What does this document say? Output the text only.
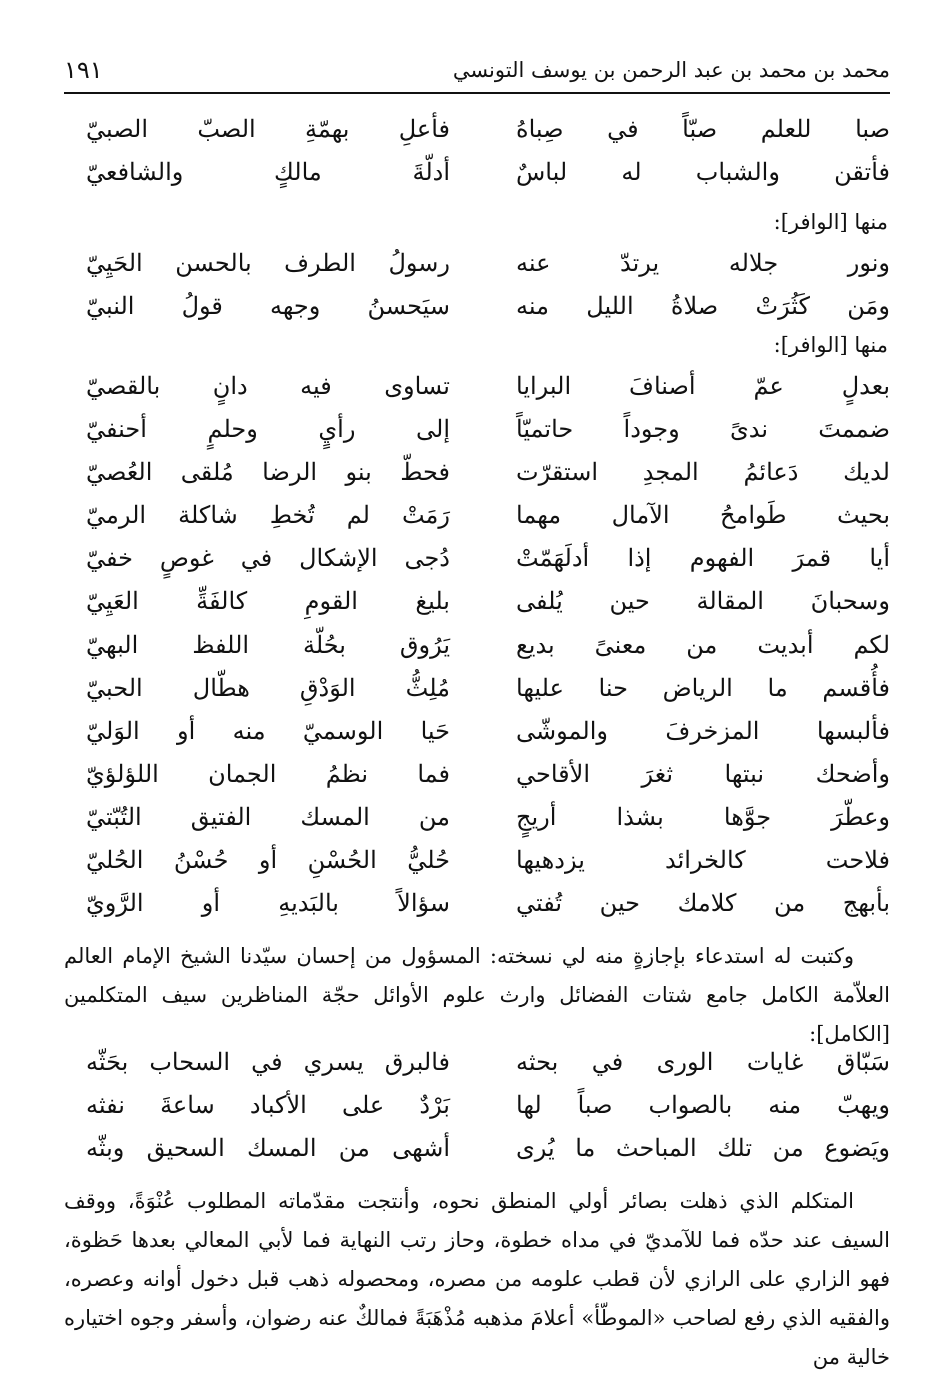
١٩١	محمد بن محمد بن عبد الرحمن بن يوسف التونسي
صبا للعلم صبّاً في صِباهُ
فأعلِ بهمّةِ الصبّ الصبيّ
فأتقن والشباب له لباسٌ
أدلّةَ مالكٍ والشافعيّ
منها [الوافر]:
ونور جلاله يرتدّ عنه
رسولُ الطرف بالحسن الحَيِيّ
ومَن كَثُرَتْ صلاةُ الليل منه
سيَحسنُ وجهه قولُ النبيّ
منها [الوافر]:
بعدلٍ عمّ أصنافَ البرايا
تساوى فيه دانٍ بالقصيّ
ضممتَ ندىً وجوداً حاتميّاً
إلى رأيٍ وحلمٍ أحنفيّ
لديك دَعائمُ المجدِ استقرّت
فحطّ بنو الرضا مُلقى العُصيّ
بحيث طَوامحُ الآمال مهما
رَمَتْ لم تُخطِ شاكلة الرميّ
أيا قمرَ الفهوم إذا أدلَهَمّتْ
دُجى الإشكال في غوصٍ خفيّ
وسحبانَ المقالة حين يُلفى
بليغ القومِ كالفَةِّ العَيِيّ
لكم أبديت من معنىً بديع
يَرُوق بحُلّة اللفظ البهيّ
فأُقسم ما الرياض حنا عليها
مُلِثُّ الوَدْقِ هطّال الحبيّ
فألبسها المزخرفَ والموشّى
حَيا الوسميّ منه أو الوَليّ
وأضحك نبتها ثغرَ الأقاحي
فما نظمُ الجمان اللؤلؤيّ
وعطّرَ جوَّها بشذا أريجٍ
من المسك الفتيق التُبّتيّ
فلاحت كالخرائد يزدهيها
حُليُّ الحُسْنِ أو حُسْنُ الحُليّ
بأبهج من كلامك حين تُفتي
سؤالاً بالبَديهِ أو الرَّويّ

وكتبت له استدعاء بإجازةٍ منه لي نسخته: المسؤول من إحسان سيّدنا الشيخ الإمام العالم العلاّمة الكامل جامع شتات الفضائل وارث علوم الأوائل حجّة المناظرين سيف المتكلمين [الكامل]:

سَبّاق غايات الورى في بحثه
فالبرق يسري في السحاب بحَثّه
ويهبّ منه بالصواب صباً لها
بَرْدٌ على الأكباد ساعةَ نفثه
ويَضوع من تلك المباحث ما يُرى
أشهى من المسك السحيق وبثّه

المتكلم الذي ذهلت بصائر أولي المنطق نحوه، وأنتجت مقدّماته المطلوب عُنْوَةً، ووقف السيف عند حدّه فما للآمديّ في مداه خطوة، وحاز رتب النهاية فما لأبي المعالي بعدها حَظوة، فهو الزاري على الرازي لأن قطب علومه من مصره، ومحصوله ذهب قبل دخول أوانه وعصره، والفقيه الذي رفع لصاحب «الموطّأ» أعلامَ مذهبه مُذْهَبَةً فمالكٌ عنه رضوان، وأسفر وجوه اختياره خالية من
